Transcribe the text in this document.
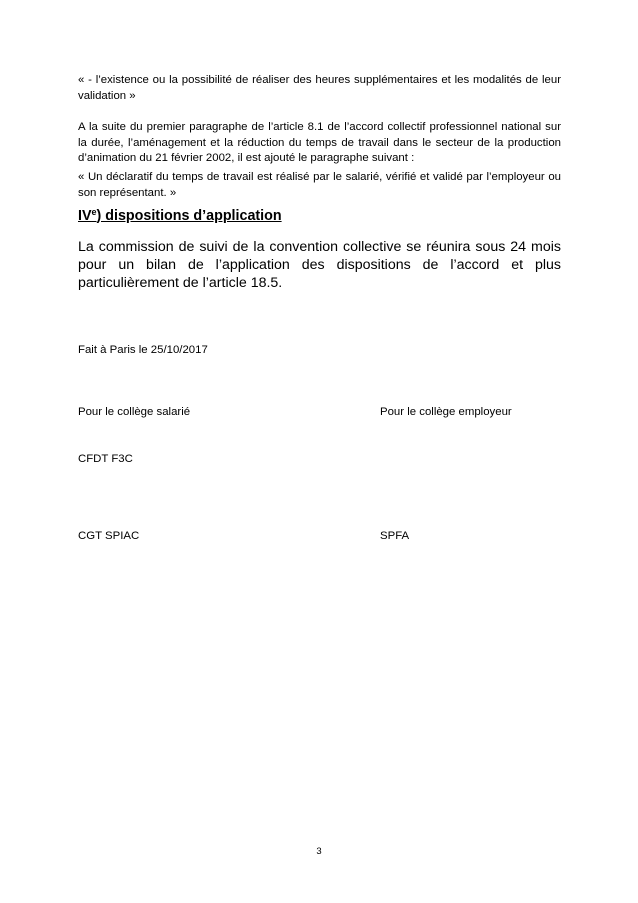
« - l’existence ou la possibilité de réaliser des heures supplémentaires et les modalités de leur validation »

A la suite du premier paragraphe de l’article 8.1 de l’accord collectif professionnel national sur la durée, l’aménagement et la réduction du temps de travail dans le secteur de la production d’animation du 21 février 2002, il est ajouté le paragraphe suivant :

« Un déclaratif du temps de travail est réalisé par le salarié, vérifié et validé par l’employeur ou son représentant. »

IVe) dispositions d’application

La commission de suivi de la convention collective se réunira sous 24 mois pour un bilan de l’application des dispositions de l’accord et plus particulièrement de l’article 18.5.

Fait à Paris le 25/10/2017

Pour le collège salarié	Pour le collège employeur

CFDT F3C

CGT SPIAC	SPFA

3
